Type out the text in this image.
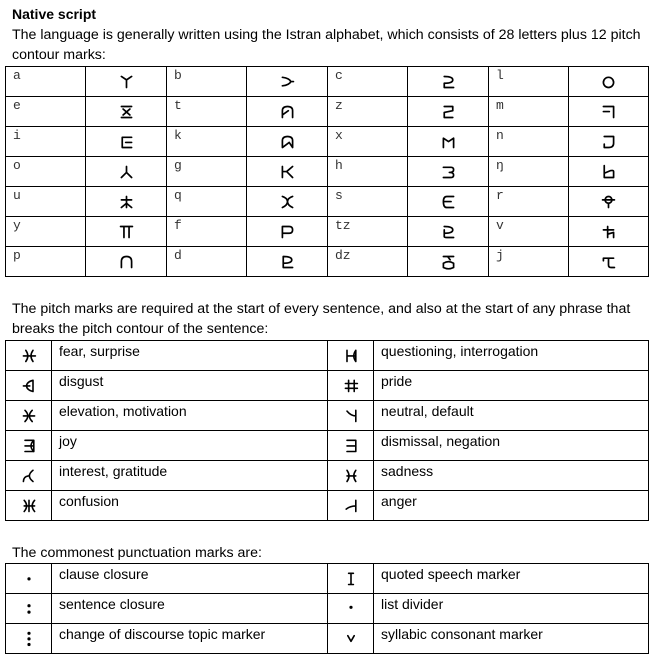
Native script
The language is generally written using the Istran alphabet, which consists of 28 letters plus 12 pitch contour marks:
a		b		c		l	

e		t		z		m	

i		k		x		n	

o		g		h		ŋ	

u		q		s		r	

y		f		tz		v	

p		d		dz		j	
The pitch marks are required at the start of every sentence, and also at the start of any phrase that breaks the pitch contour of the sentence:
	fear, surprise		questioning, interrogation

	disgust		pride

	elevation, motivation		neutral, default

	joy		dismissal, negation

	interest, gratitude		sadness

	confusion		anger
The commonest punctuation marks are:
	clause closure		quoted speech marker

	sentence closure		list divider

	change of discourse topic marker		syllabic consonant marker
